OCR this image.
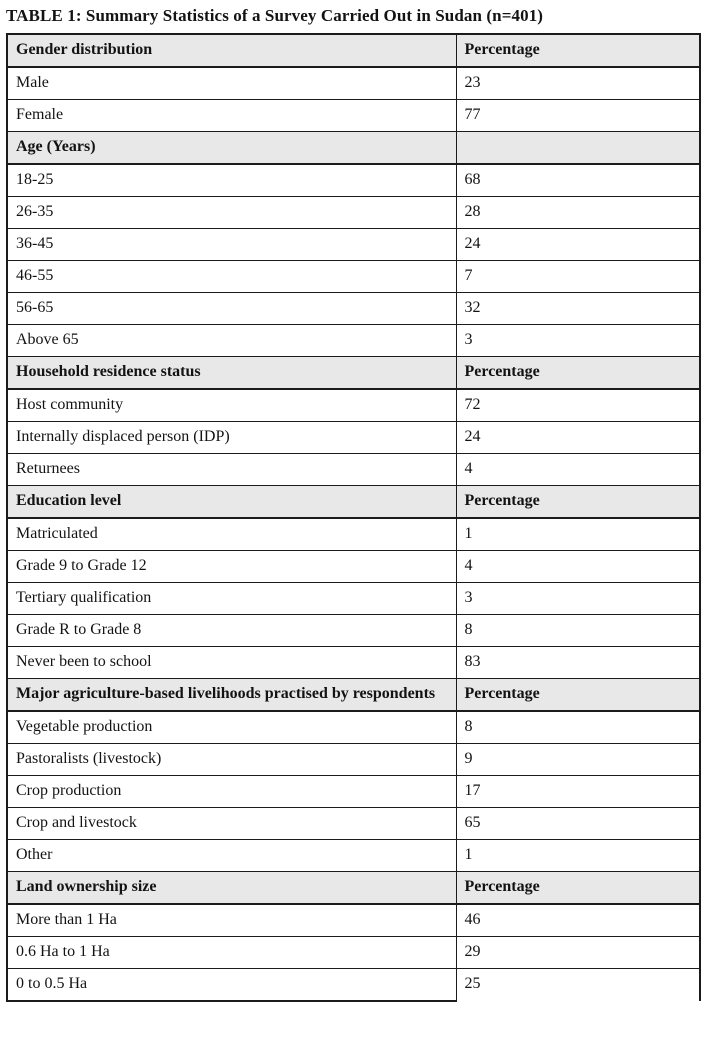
TABLE 1: Summary Statistics of a Survey Carried Out in Sudan (n=401)
Gender distribution	Percentage
Male	23
Female	77
Age (Years)	
18-25	68
26-35	28
36-45	24
46-55	7
56-65	32
Above 65	3
Household residence status	Percentage
Host community	72
Internally displaced person (IDP)	24
Returnees	4
Education level	Percentage
Matriculated	1
Grade 9 to Grade 12	4
Tertiary qualification	3
Grade R to Grade 8	8
Never been to school	83
Major agriculture-based livelihoods practised by respondents	Percentage
Vegetable production	8
Pastoralists (livestock)	9
Crop production	17
Crop and livestock	65
Other	1
Land ownership size	Percentage
More than 1 Ha	46
0.6 Ha to 1 Ha	29
0 to 0.5 Ha	25
